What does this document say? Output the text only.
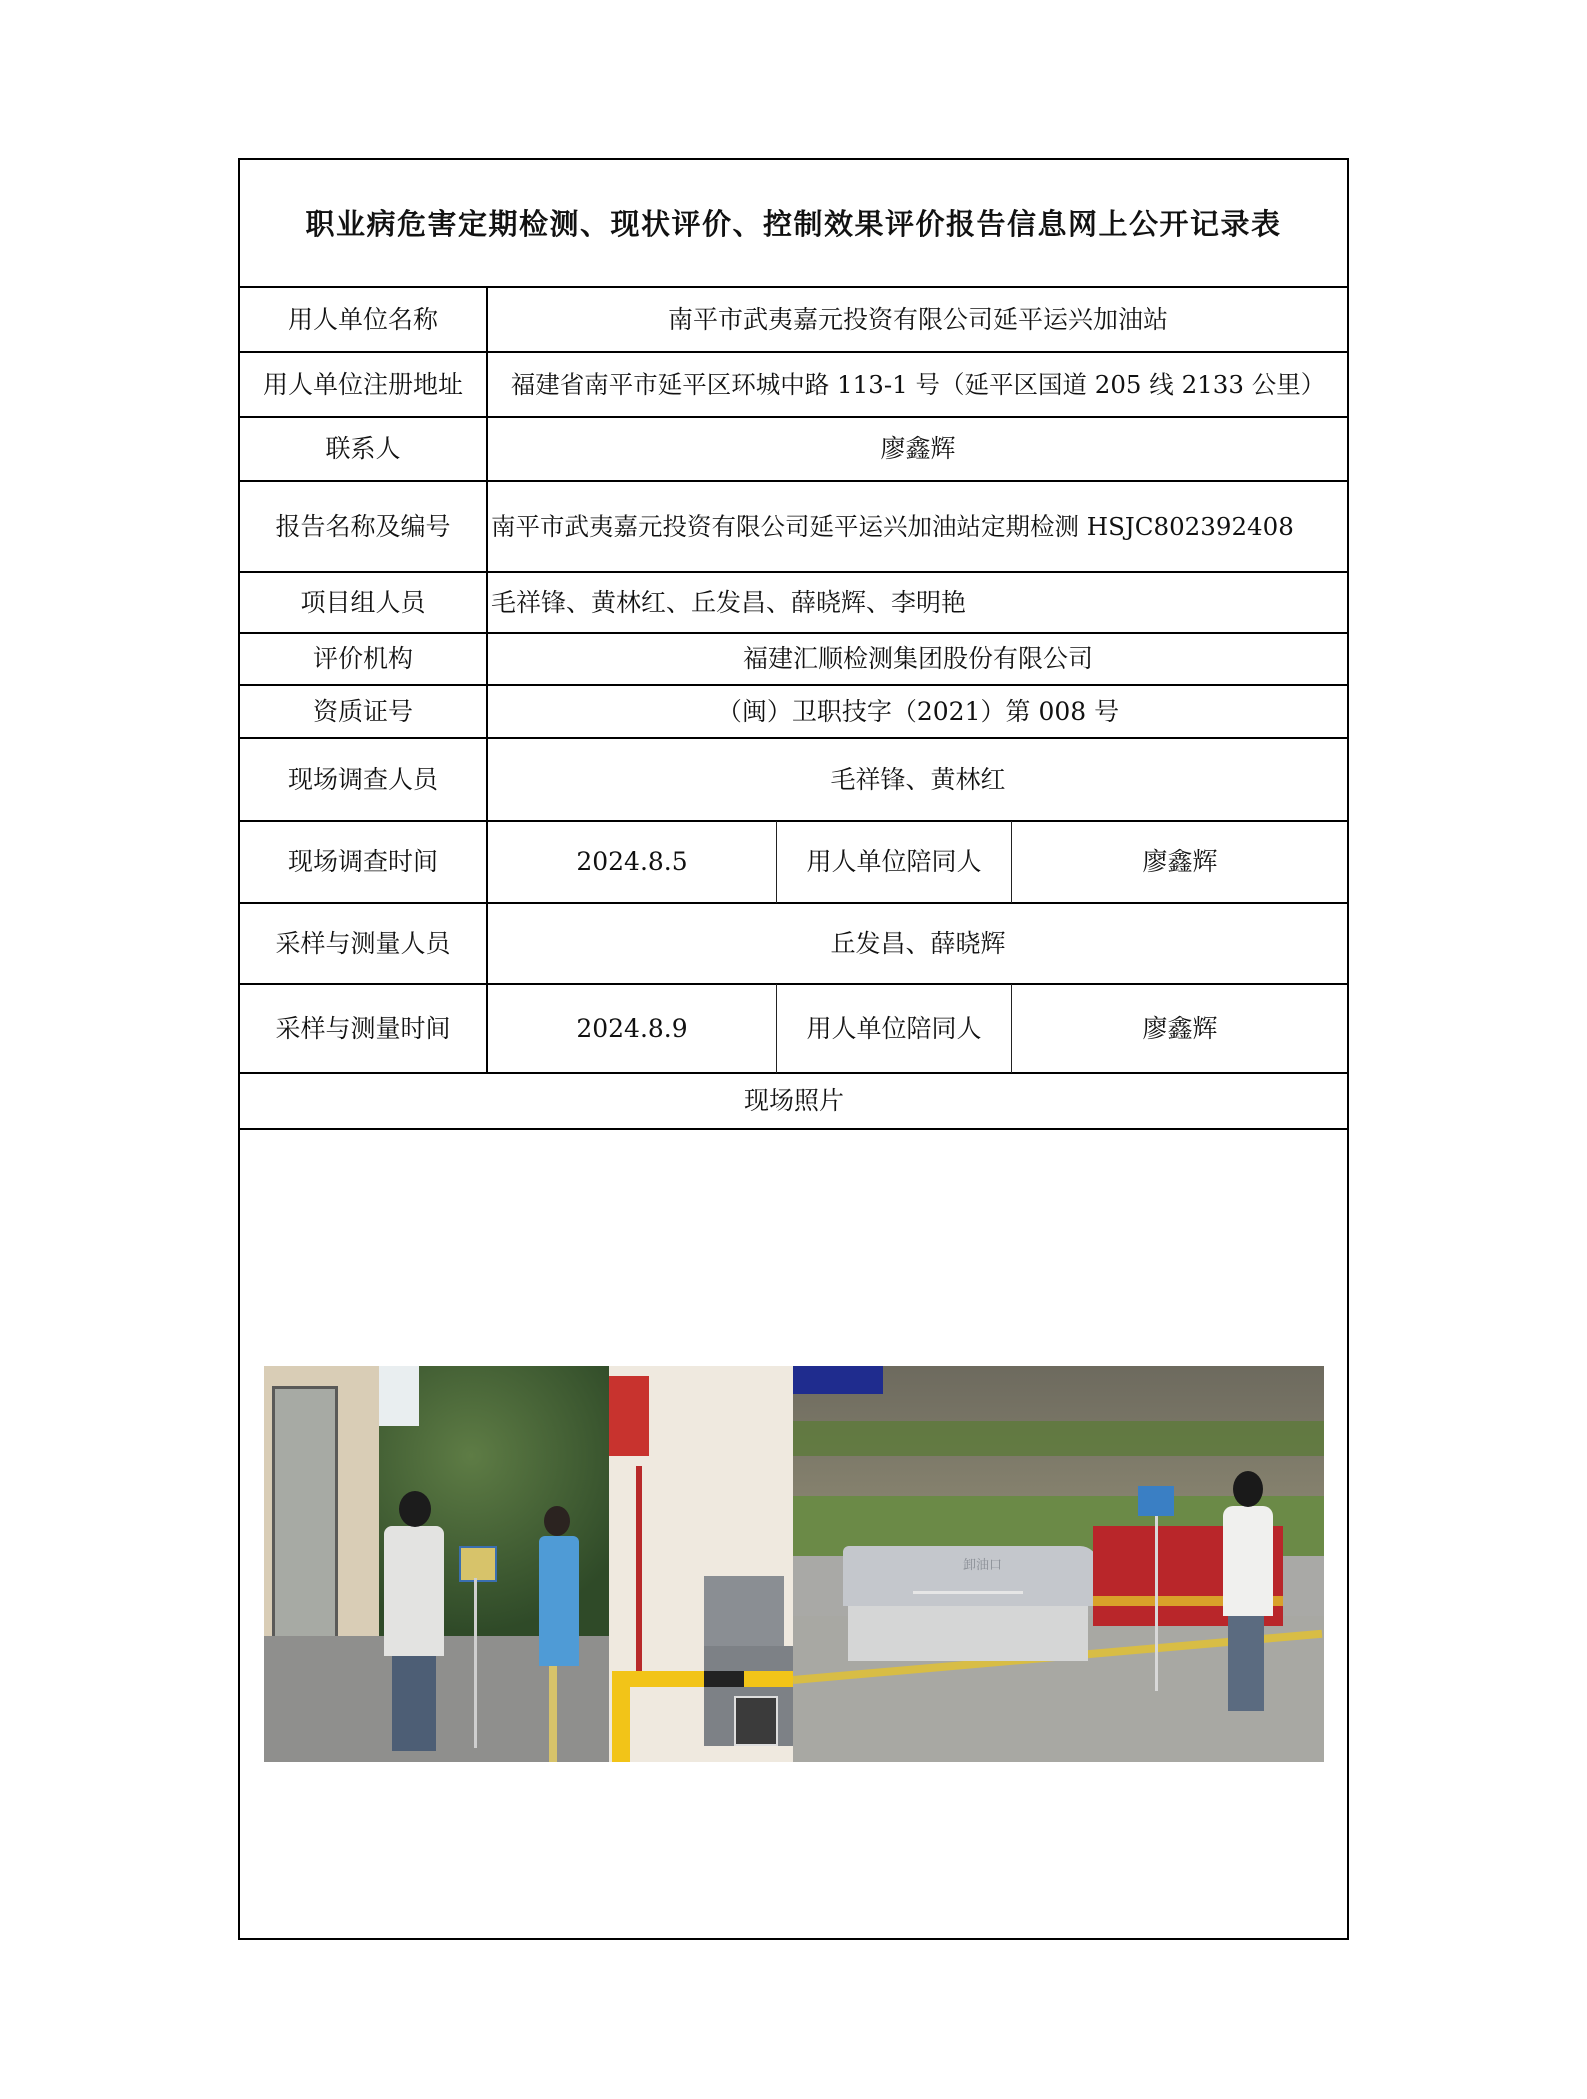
职业病危害定期检测、现状评价、控制效果评价报告信息网上公开记录表
用人单位名称	南平市武夷嘉元投资有限公司延平运兴加油站
用人单位注册地址	福建省南平市延平区环城中路 113-1 号（延平区国道 205 线 2133 公里）
联系人	廖鑫辉
报告名称及编号	南平市武夷嘉元投资有限公司延平运兴加油站定期检测 HSJC802392408
项目组人员	毛祥锋、黄林红、丘发昌、薛晓辉、李明艳
评价机构	福建汇顺检测集团股份有限公司
资质证号	（闽）卫职技字（2021）第 008 号
现场调查人员	毛祥锋、黄林红
现场调查时间	2024.8.5	用人单位陪同人	廖鑫辉
采样与测量人员	丘发昌、薛晓辉
采样与测量时间	2024.8.9	用人单位陪同人	廖鑫辉
现场照片
卸油口
